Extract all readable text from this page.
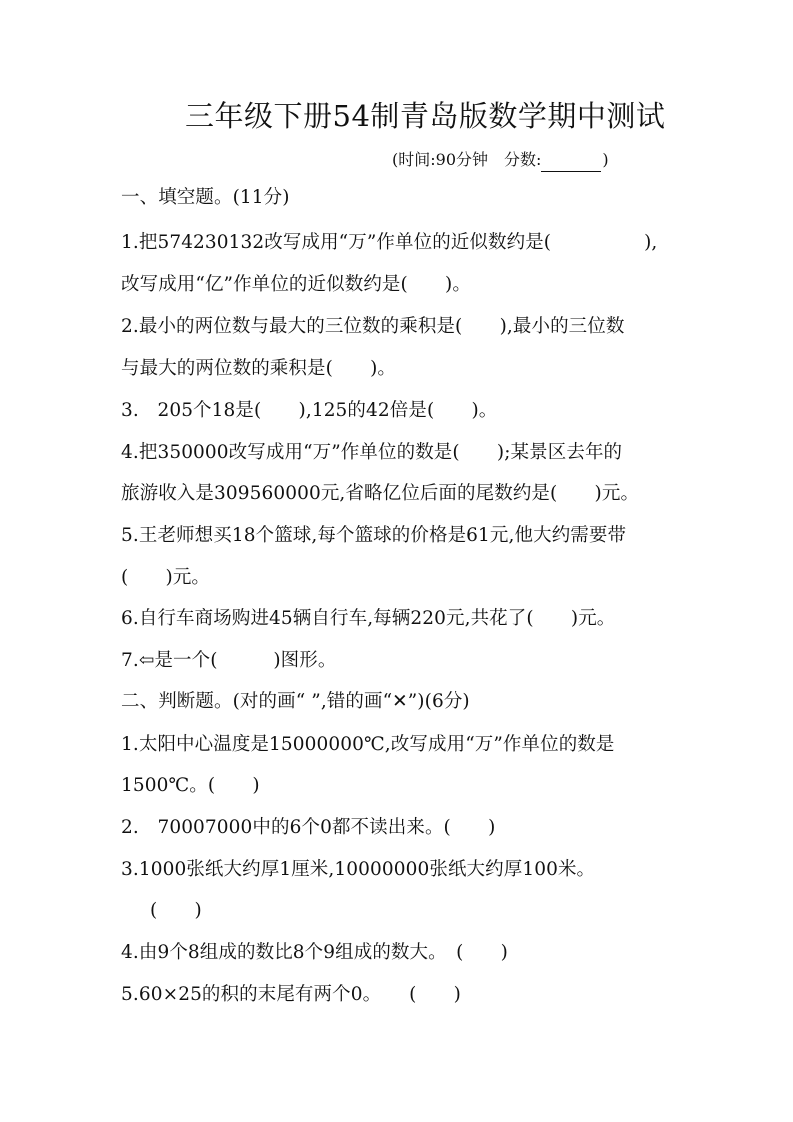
三年级下册54制青岛版数学期中测试
(时间:90分钟　分数:	)
一、填空题。(11分)
1.把574230132改写成用“万”作单位的近似数约是(　　　　　),
改写成用“亿”作单位的近似数约是(　　)。
2.最小的两位数与最大的三位数的乘积是(　　),最小的三位数
与最大的两位数的乘积是(　　)。
3.　205个18是(　　),125的42倍是(　　)。
4.把350000改写成用“万”作单位的数是(　　);某景区去年的
旅游收入是309560000元,省略亿位后面的尾数约是(　　)元。
5.王老师想买18个篮球,每个篮球的价格是61元,他大约需要带
(　　)元。
6.自行车商场购进45辆自行车,每辆220元,共花了(　　)元。
7.⇦是一个(　　　)图形。
二、判断题。(对的画“ ”,错的画“✕”)(6分)
1.太阳中心温度是15000000℃,改写成用“万”作单位的数是
1500℃。(　　)
2.　70007000中的6个0都不读出来。(　　)
3.1000张纸大约厚1厘米,10000000张纸大约厚100米。
(　　)
4.由9个8组成的数比8个9组成的数大。　(　　)
5.60×25的积的末尾有两个0。　　(　　)
